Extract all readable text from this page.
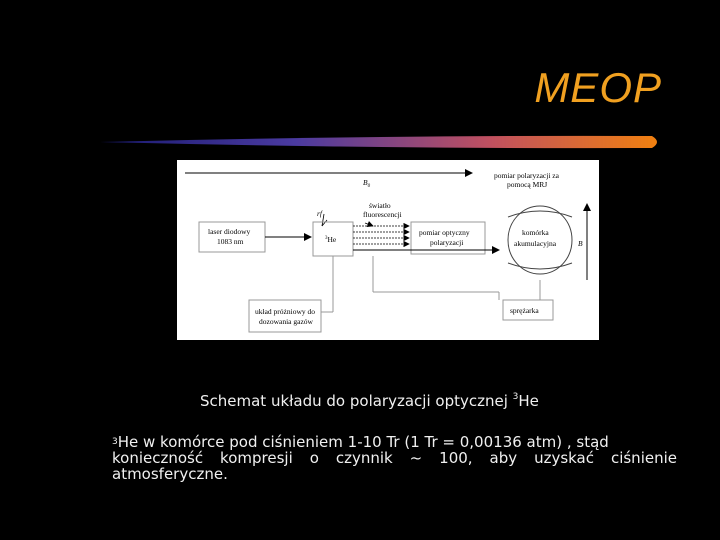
MEOP
$B_0$
pomiar polaryzacji za
pomocą MRJ
komórka
akumulacyjna	B
rf
światło
fluorescencji
laser diodowy
1083 nm	$^3$He
pomiar optyczny
polaryzacji
układ próżniowy do
dozowania gazów
sprężarka
Schemat układu do polaryzacji optycznej $^3$He
$^3$He w komórce pod ciśnieniem 1-10 Tr (1 Tr = 0,00136 atm) , stąd
konieczność kompresji o czynnik ~ 100, aby uzyskać ciśnienie
atmosferyczne.
